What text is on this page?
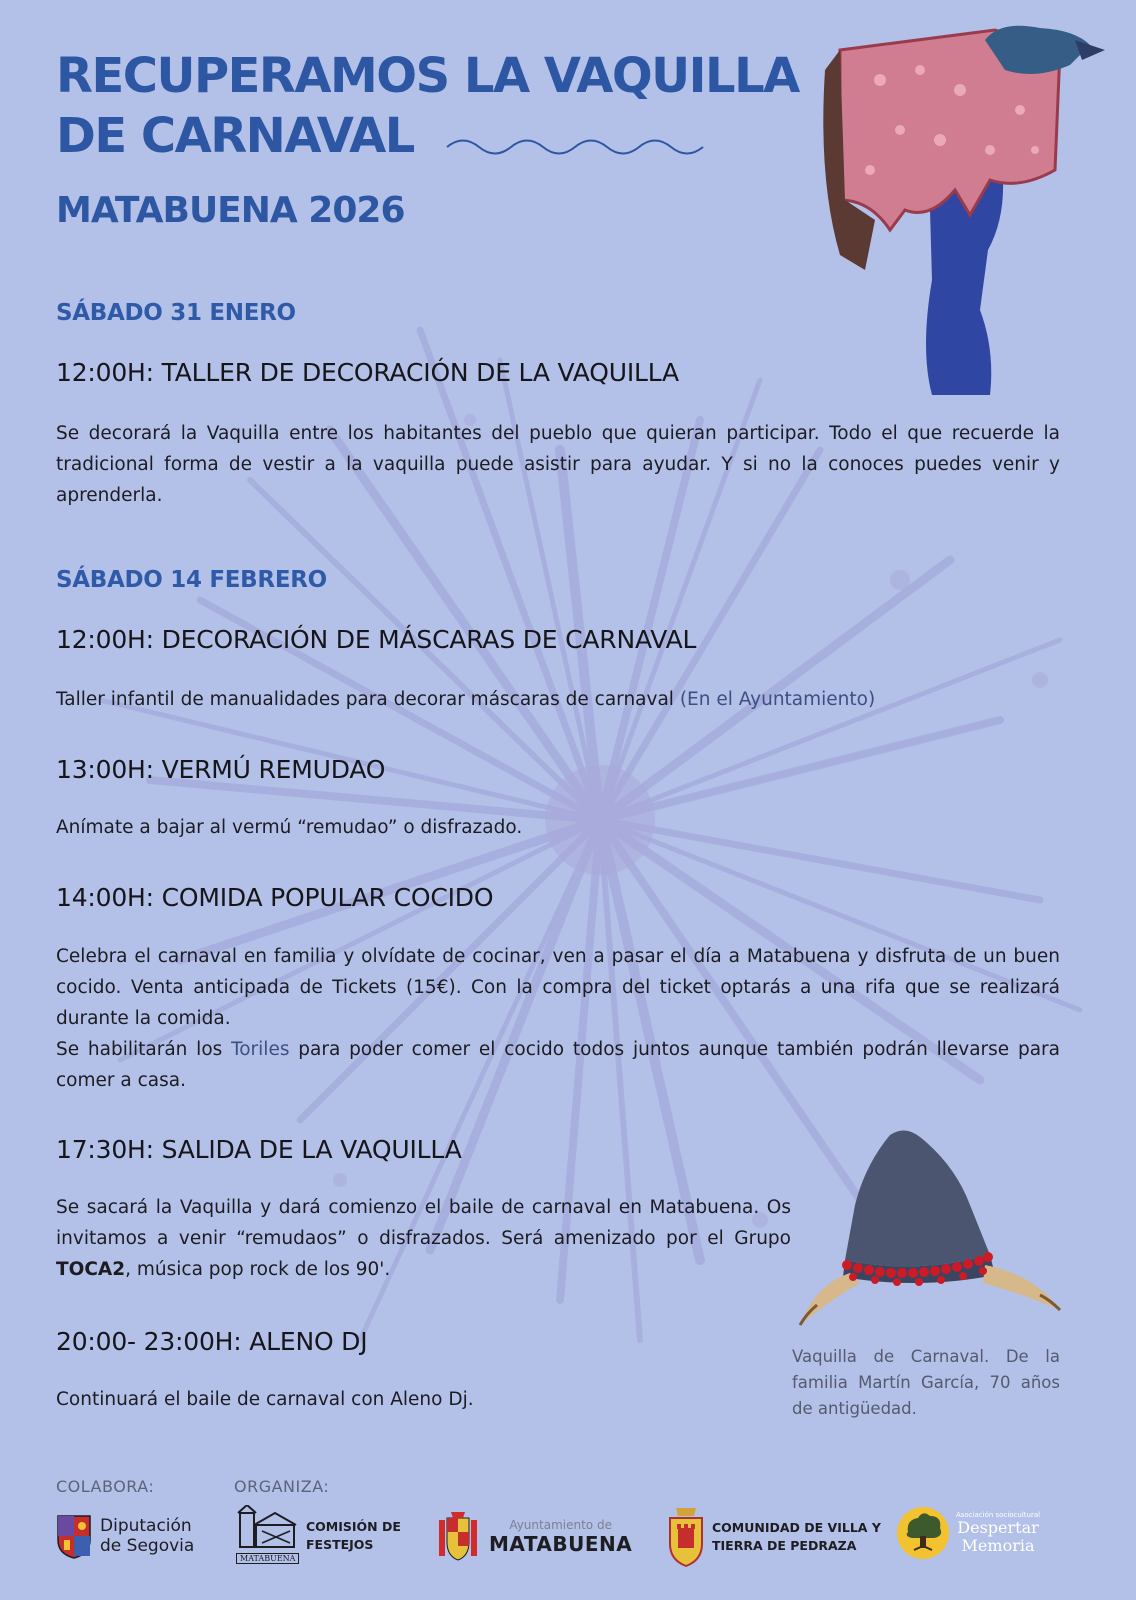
RECUPERAMOS LA VAQUILLA
DE CARNAVAL
MATABUENA 2026
SÁBADO 31 ENERO
12:00H: TALLER DE DECORACIÓN DE LA VAQUILLA

Se decorará la Vaquilla entre los habitantes del pueblo que quieran participar. Todo el que recuerde la tradicional forma de vestir a la vaquilla puede asistir para ayudar. Y si no la conoces puedes venir y aprenderla.

SÁBADO 14 FEBRERO
12:00H: DECORACIÓN DE MÁSCARAS DE CARNAVAL
Taller infantil de manualidades para decorar máscaras de carnaval (En el Ayuntamiento)
13:00H: VERMÚ REMUDAO

Anímate a bajar al vermú “remudao” o disfrazado.

14:00H: COMIDA POPULAR COCIDO

Celebra el carnaval en familia y olvídate de cocinar, ven a pasar el día a Matabuena y disfruta de un buen cocido. Venta anticipada de Tickets (15€). Con la compra del ticket optarás a una rifa que se realizará durante la comida.

Se habilitarán los Toriles para poder comer el cocido todos juntos aunque también podrán llevarse para comer a casa.

17:30H: SALIDA DE LA VAQUILLA

Se sacará la Vaquilla y dará comienzo el baile de carnaval en Matabuena. Os invitamos a venir “remudaos” o disfrazados. Será amenizado por el Grupo TOCA2, música pop rock de los 90'.

20:00- 23:00H: ALENO DJ

Continuará el baile de carnaval con Aleno Dj.

Vaquilla de Carnaval. De la familia Martín García, 70 años de antigüedad.

COLABORA:	ORGANIZA:
Diputación
de Segovia
MATABUENA
COMISIÓN DE
FESTEJOS
Ayuntamiento de
MATABUENA
COMUNIDAD DE VILLA Y
TIERRA DE PEDRAZA
Asociación sociocultural
Despertar
Memoria
